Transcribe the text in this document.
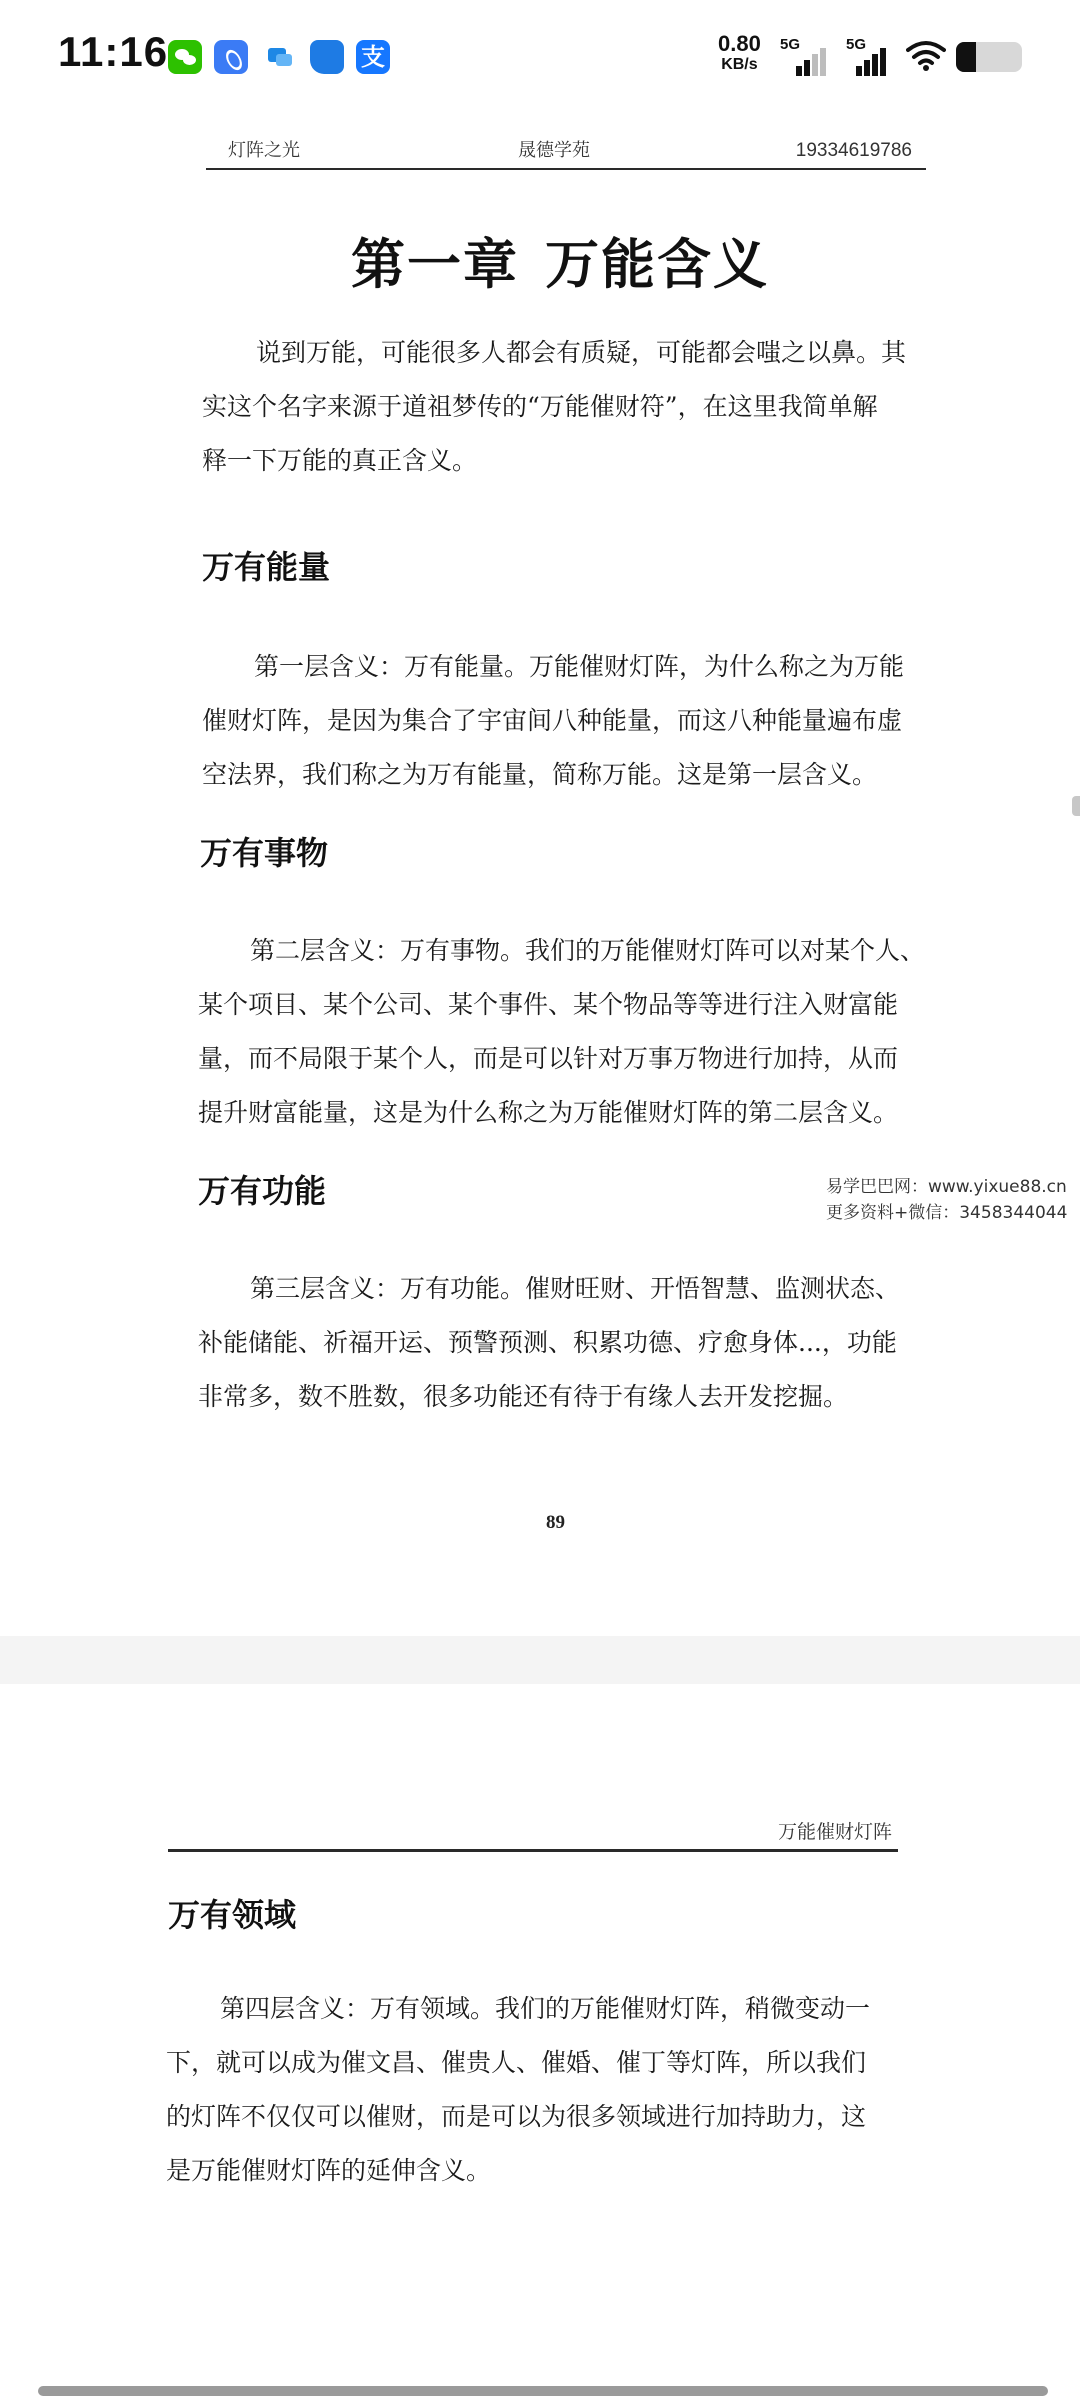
11:16	支	0.80
KB/s
5G	5G
灯阵之光	晟德学苑	19334619786
第一章 万能含义
说到万能，可能很多人都会有质疑，可能都会嗤之以鼻。其
实这个名字来源于道祖梦传的“万能催财符”，在这里我简单解
释一下万能的真正含义。
万有能量
第一层含义：万有能量。万能催财灯阵，为什么称之为万能
催财灯阵，是因为集合了宇宙间八种能量，而这八种能量遍布虚
空法界，我们称之为万有能量，简称万能。这是第一层含义。
万有事物
第二层含义：万有事物。我们的万能催财灯阵可以对某个人、
某个项目、某个公司、某个事件、某个物品等等进行注入财富能
量，而不局限于某个人，而是可以针对万事万物进行加持，从而
提升财富能量，这是为什么称之为万能催财灯阵的第二层含义。
万有功能
第三层含义：万有功能。催财旺财、开悟智慧、监测状态、
补能储能、祈福开运、预警预测、积累功德、疗愈身体...，功能
非常多，数不胜数，很多功能还有待于有缘人去开发挖掘。
89
万能催财灯阵
万有领域
第四层含义：万有领域。我们的万能催财灯阵，稍微变动一
下，就可以成为催文昌、催贵人、催婚、催丁等灯阵，所以我们
的灯阵不仅仅可以催财，而是可以为很多领域进行加持助力，这
是万能催财灯阵的延伸含义。
易学巴巴网：www.yixue88.cn
更多资料+微信：3458344044
